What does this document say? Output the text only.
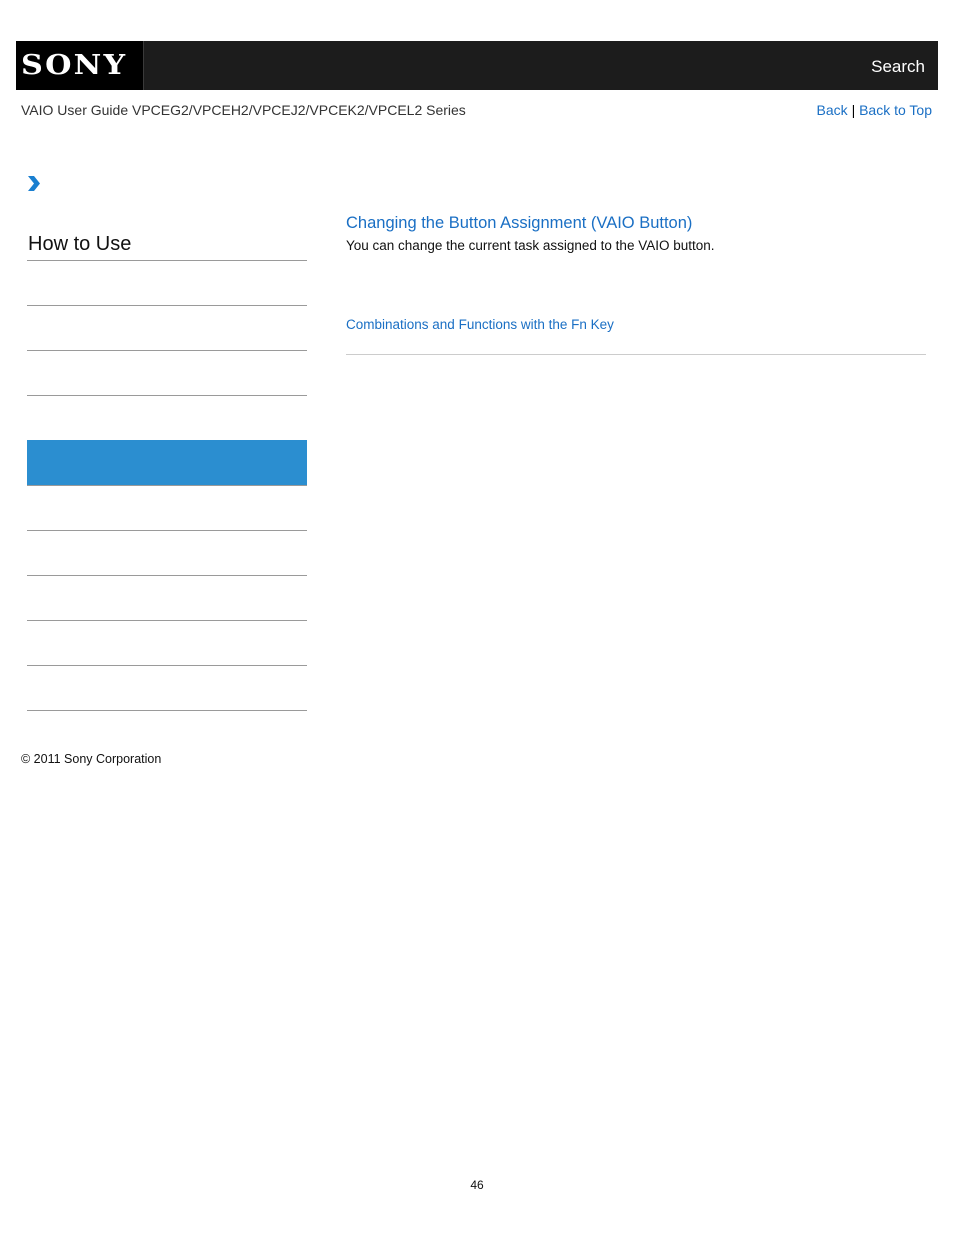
SONY	Search
VAIO User Guide VPCEG2/VPCEH2/VPCEJ2/VPCEK2/VPCEL2 Series	Back | Back to Top
How to Use
Changing the Button Assignment (VAIO Button)
You can change the current task assigned to the VAIO button.
Combinations and Functions with the Fn Key
© 2011 Sony Corporation
46
